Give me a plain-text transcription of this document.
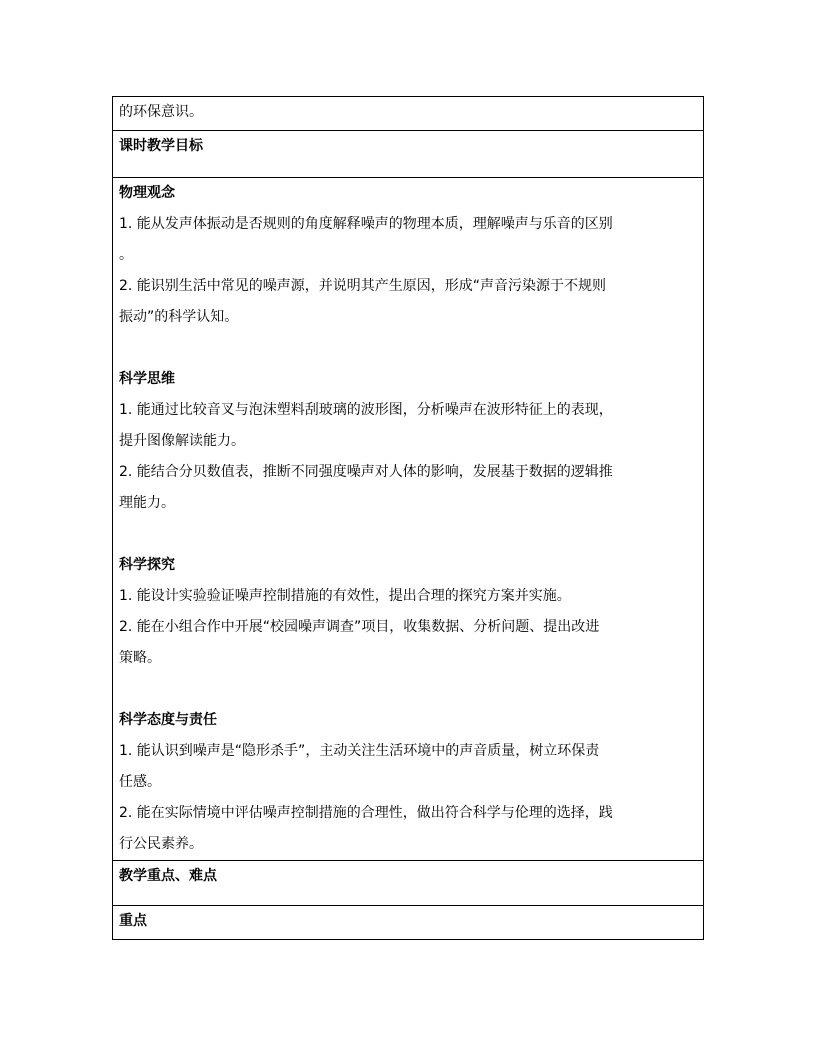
的环保意识。

课时教学目标

物理观念

1. 能从发声体振动是否规则的角度解释噪声的物理本质，理解噪声与乐音的区别

。

2. 能识别生活中常见的噪声源，并说明其产生原因，形成“声音污染源于不规则

振动”的科学认知。

科学思维

1. 能通过比较音叉与泡沫塑料刮玻璃的波形图，分析噪声在波形特征上的表现，

提升图像解读能力。

2. 能结合分贝数值表，推断不同强度噪声对人体的影响，发展基于数据的逻辑推

理能力。

科学探究

1. 能设计实验验证噪声控制措施的有效性，提出合理的探究方案并实施。

2. 能在小组合作中开展“校园噪声调查”项目，收集数据、分析问题、提出改进

策略。

科学态度与责任

1. 能认识到噪声是“隐形杀手”，主动关注生活环境中的声音质量，树立环保责

任感。

2. 能在实际情境中评估噪声控制措施的合理性，做出符合科学与伦理的选择，践

行公民素养。

教学重点、难点
重点
